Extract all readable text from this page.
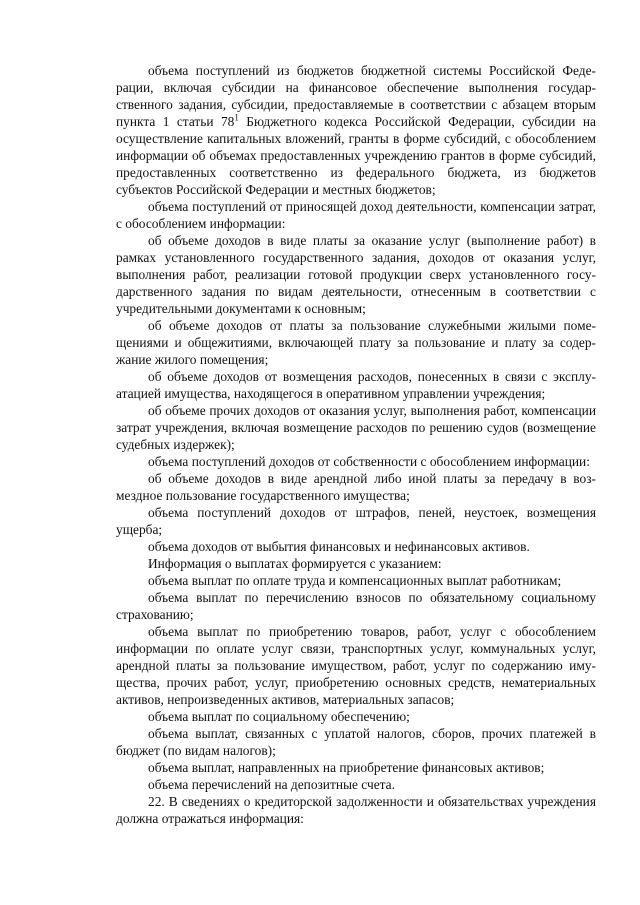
объема поступлений из бюджетов бюджетной системы Российской Федерации, включая субсидии на финансовое обеспечение выполнения государственного задания, субсидии, предоставляемые в соответствии с абзацем вторым пункта 1 статьи $78^1$ Бюджетного кодекса Российской Федерации, субсидии на осуществление капитальных вложений, гранты в форме субсидий, с обособлением информации об объемах предоставленных учреждению грантов в форме субсидий, предоставленных соответственно из федерального бюджета, из бюджетов субъектов Российской Федерации и местных бюджетов;

объема поступлений от приносящей доход деятельности, компенсации затрат, с обособлением информации:

об объеме доходов в виде платы за оказание услуг (выполнение работ) в рамках установленного государственного задания, доходов от оказания услуг, выполнения работ, реализации готовой продукции сверх установленного государственного задания по видам деятельности, отнесенным в соответствии с учредительными документами к основным;

об объеме доходов от платы за пользование служебными жилыми помещениями и общежитиями, включающей плату за пользование и плату за содержание жилого помещения;

об объеме доходов от возмещения расходов, понесенных в связи с эксплуатацией имущества, находящегося в оперативном управлении учреждения;

об объеме прочих доходов от оказания услуг, выполнения работ, компенсации затрат учреждения, включая возмещение расходов по решению судов (возмещение судебных издержек);

объема поступлений доходов от собственности с обособлением информации:

об объеме доходов в виде арендной либо иной платы за передачу в возмездное пользование государственного имущества;

объема поступлений доходов от штрафов, пеней, неустоек, возмещения ущерба;

объема доходов от выбытия финансовых и нефинансовых активов.

Информация о выплатах формируется с указанием:

объема выплат по оплате труда и компенсационных выплат работникам;

объема выплат по перечислению взносов по обязательному социальному страхованию;

объема выплат по приобретению товаров, работ, услуг с обособлением информации по оплате услуг связи, транспортных услуг, коммунальных услуг, арендной платы за пользование имуществом, работ, услуг по содержанию имущества, прочих работ, услуг, приобретению основных средств, нематериальных активов, непроизведенных активов, материальных запасов;

объема выплат по социальному обеспечению;

объема выплат, связанных с уплатой налогов, сборов, прочих платежей в бюджет (по видам налогов);

объема выплат, направленных на приобретение финансовых активов;

объема перечислений на депозитные счета.

22. В сведениях о кредиторской задолженности и обязательствах учреждения должна отражаться информация:
